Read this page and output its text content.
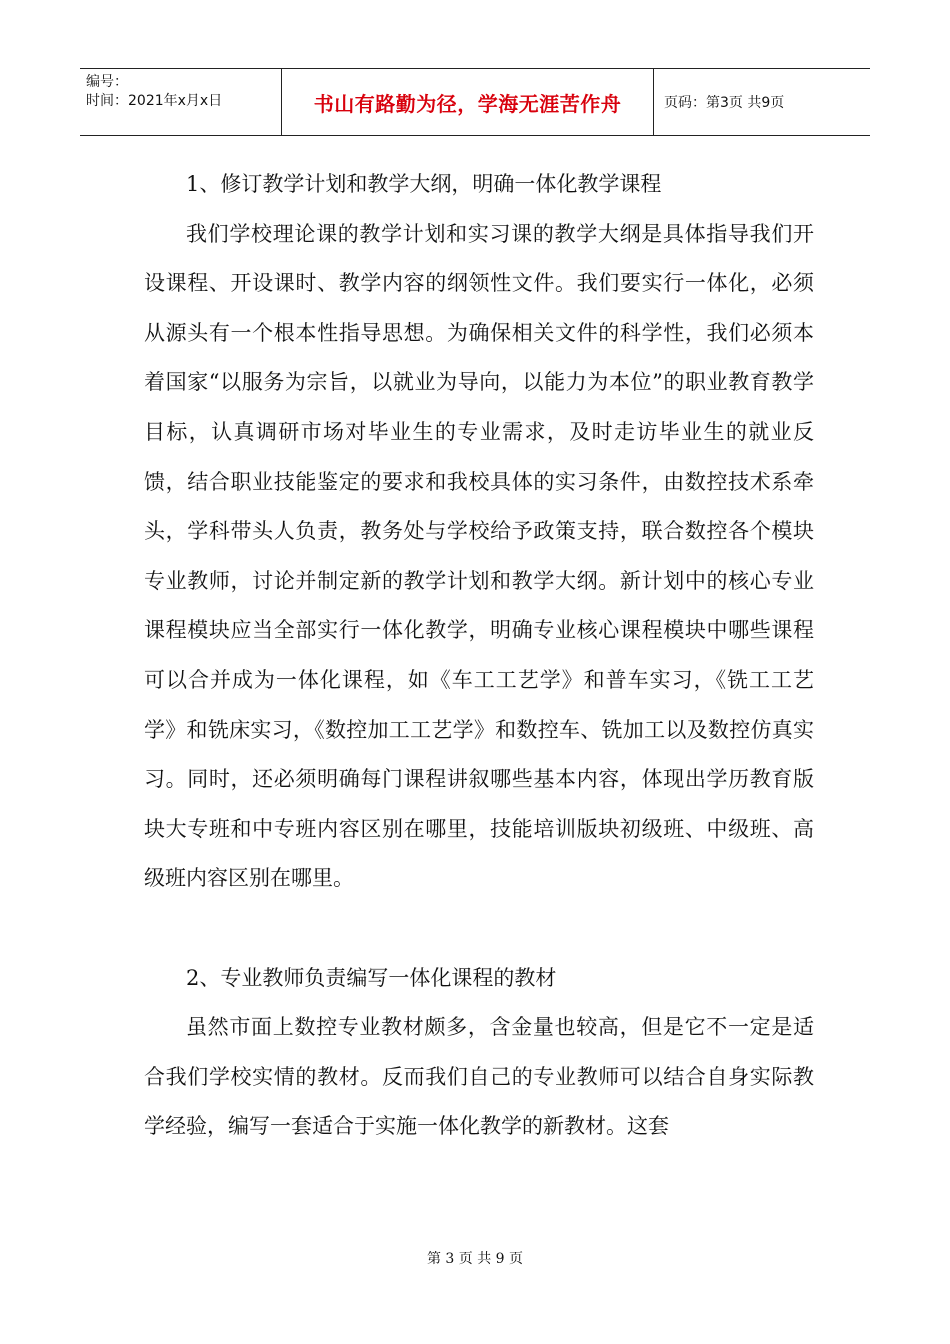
编号：
时间：2021年x月x日	书山有路勤为径，学海无涯苦作舟	页码：第3页 共9页

1、修订教学计划和教学大纲，明确一体化教学课程

我们学校理论课的教学计划和实习课的教学大纲是具体指导我们开设课程、开设课时、教学内容的纲领性文件。我们要实行一体化，必须从源头有一个根本性指导思想。为确保相关文件的科学性，我们必须本着国家“以服务为宗旨，以就业为导向，以能力为本位”的职业教育教学目标，认真调研市场对毕业生的专业需求，及时走访毕业生的就业反馈，结合职业技能鉴定的要求和我校具体的实习条件，由数控技术系牵头，学科带头人负责，教务处与学校给予政策支持，联合数控各个模块专业教师，讨论并制定新的教学计划和教学大纲。新计划中的核心专业课程模块应当全部实行一体化教学，明确专业核心课程模块中哪些课程可以合并成为一体化课程，如《车工工艺学》和普车实习，《铣工工艺学》和铣床实习，《数控加工工艺学》和数控车、铣加工以及数控仿真实习。同时，还必须明确每门课程讲叙哪些基本内容，体现出学历教育版块大专班和中专班内容区别在哪里，技能培训版块初级班、中级班、高级班内容区别在哪里。

2、专业教师负责编写一体化课程的教材

虽然市面上数控专业教材颇多，含金量也较高，但是它不一定是适合我们学校实情的教材。反而我们自己的专业教师可以结合自身实际教学经验，编写一套适合于实施一体化教学的新教材。这套

第 3 页 共 9 页
